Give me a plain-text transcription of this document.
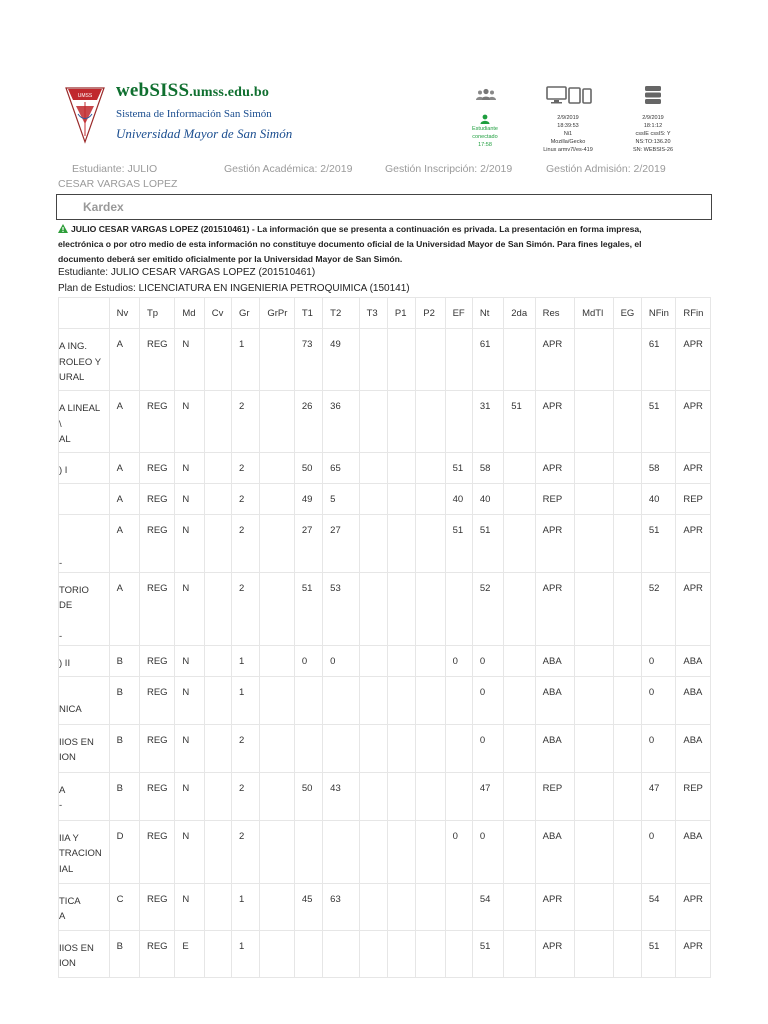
UMSS webSISS.umss.edu.bo
Sistema de Información San Simón
Universidad Mayor de San Simón	Estudiante
conectado
17:58
2/9/2019
18:39:53
Ni1
Mozilla/Gecko
Linux armv7l/es-419
2/9/2019
18:1:12
cssIE cssIS: Y
NS:TO:136.20
SN: WEBSIS-26
Estudiante: JULIO
CESAR VARGAS LOPEZ
Gestión Académica: 2/2019	Gestión Inscripción: 2/2019	Gestión Admisión: 2/2019
Kardex
JULIO CESAR VARGAS LOPEZ (201510461) - La información que se presenta a continuación es privada. La presentación en forma impresa,
electrónica o por otro medio de esta información no constituye documento oficial de la Universidad Mayor de San Simón. Para fines legales, el
documento deberá ser emitido oficialmente por la Universidad Mayor de San Simón.
Estudiante: JULIO CESAR VARGAS LOPEZ (201510461)
Plan de Estudios: LICENCIATURA EN INGENIERIA PETROQUIMICA (150141)
	Nv	Tp	Md	Cv	Gr	GrPr	T1	T2	T3	P1	P2	EF	Nt	2da	Res	MdTl	EG	NFin	RFin
A ING.
ROLEO Y
URAL	A	REG	N		1		73	49					61		APR			61	APR
A LINEAL
\
AL	A	REG	N		2		26	36					31	51	APR			51	APR
) I	A	REG	N		2		50	65				51	58		APR			58	APR
	A	REG	N		2		49	5				40	40		REP			40	REP

-	A	REG	N		2		27	27				51	51		APR			51	APR
TORIO DE

-	A	REG	N		2		51	53					52		APR			52	APR
) II	B	REG	N		1		0	0				0	0		ABA			0	ABA

NICA	B	REG	N		1								0		ABA			0	ABA
IIOS EN
ION	B	REG	N		2								0		ABA			0	ABA
A
-	B	REG	N		2		50	43					47		REP			47	REP
IIA Y
TRACION
IAL	D	REG	N		2							0	0		ABA			0	ABA
TICA
A	C	REG	N		1		45	63					54		APR			54	APR
IIOS EN
ION	B	REG	E		1								51		APR			51	APR
